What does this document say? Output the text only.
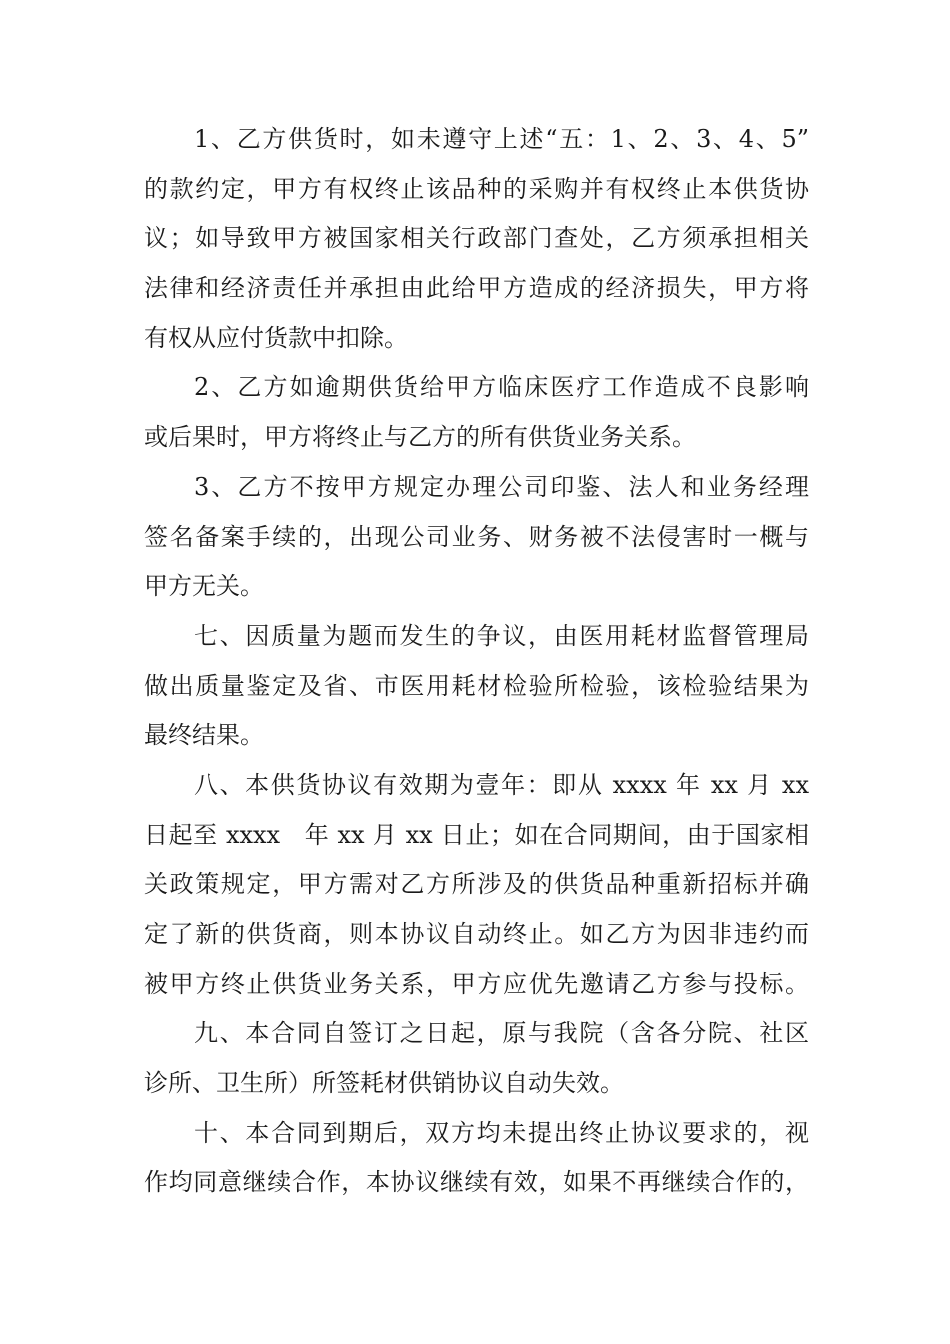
1、乙方供货时，如未遵守上述“五：1、2、3、4、5”
的款约定，甲方有权终止该品种的采购并有权终止本供货协
议；如导致甲方被国家相关行政部门查处，乙方须承担相关
法律和经济责任并承担由此给甲方造成的经济损失，甲方将
有权从应付货款中扣除。
2、乙方如逾期供货给甲方临床医疗工作造成不良影响
或后果时，甲方将终止与乙方的所有供货业务关系。
3、乙方不按甲方规定办理公司印鉴、法人和业务经理
签名备案手续的，出现公司业务、财务被不法侵害时一概与
甲方无关。
七、因质量为题而发生的争议，由医用耗材监督管理局
做出质量鉴定及省、市医用耗材检验所检验，该检验结果为
最终结果。
八、本供货协议有效期为壹年：即从 xxxx 年 xx 月 xx
日起至 xxxx   年 xx 月 xx 日止；如在合同期间，由于国家相
关政策规定，甲方需对乙方所涉及的供货品种重新招标并确
定了新的供货商，则本协议自动终止。如乙方为因非违约而
被甲方终止供货业务关系，甲方应优先邀请乙方参与投标。
九、本合同自签订之日起，原与我院（含各分院、社区
诊所、卫生所）所签耗材供销协议自动失效。
十、本合同到期后，双方均未提出终止协议要求的，视
作均同意继续合作，本协议继续有效，如果不再继续合作的，
